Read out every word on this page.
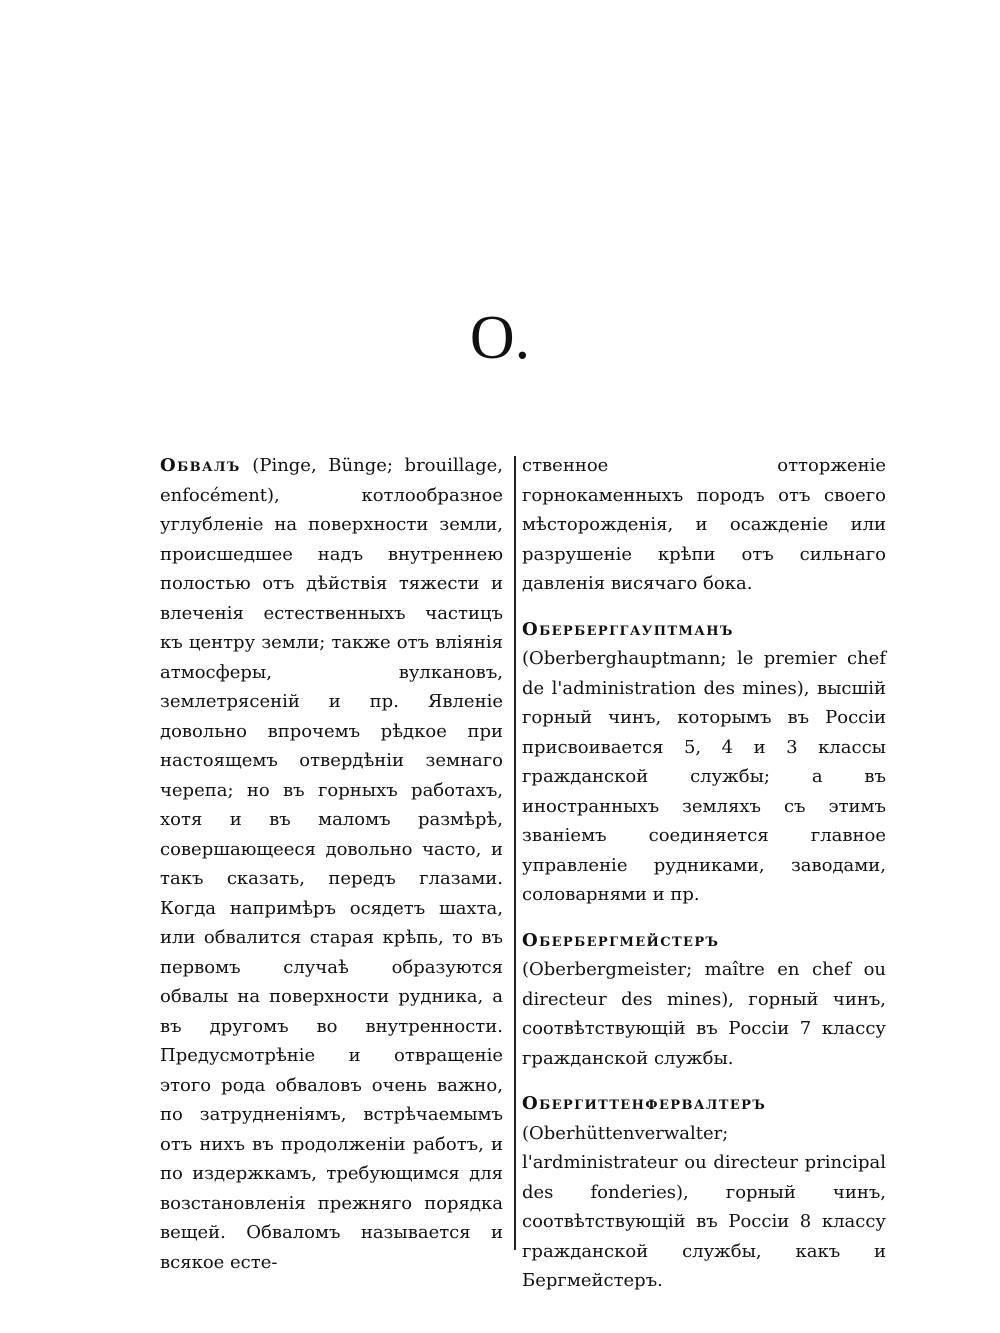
О.

Обвалъ (Pinge, Bünge; brouillage, enfocément), котлообразное углубленіе на поверхности земли, происшедшее надъ внутреннею полостью отъ дѣйствія тяжести и влеченія естественныхъ частицъ къ центру земли; также отъ вліянія атмосферы, вулкановъ, землетрясеній и пр. Явленіе довольно впрочемъ рѣдкое при настоящемъ отвердѣніи земнаго черепа; но въ горныхъ работахъ, хотя и въ маломъ размѣрѣ, совершающееся довольно часто, и такъ сказать, передъ глазами. Когда напримѣръ осядетъ шахта, или обвалится старая крѣпь, то въ первомъ случаѣ образуются обвалы на поверхности рудника, а въ другомъ во внутренности. Предусмотрѣніе и отвращеніе этого рода обваловъ очень важно, по затрудненіямъ, встрѣчаемымъ отъ нихъ въ продолженіи работъ, и по издержкамъ, требующимся для возстановленія прежняго порядка вещей. Обваломъ называется и всякое есте-

ственное отторженіе горнокаменныхъ породъ отъ своего мѣсторожденія, и осажденіе или разрушеніе крѣпи отъ сильнаго давленія висячаго бока.

Оберберггауптманъ (Oberberghauptmann; le premier chef de l'administration des mines), высшій горный чинъ, которымъ въ Россіи присвоивается 5, 4 и 3 классы гражданской службы; а въ иностранныхъ земляхъ съ этимъ званіемъ соединяется главное управленіе рудниками, заводами, соловарнями и пр.

Обербергмейстеръ (Oberbergmeister; maître en chef ou directeur des mines), горный чинъ, соотвѣтствующій въ Россіи 7 классу гражданской службы.

Обергиттенфервалтеръ (Oberhüttenverwalter; l'ardministrateur ou directeur principal des fonderies), горный чинъ, соотвѣтствующій въ Россіи 8 классу гражданской службы, какъ и Бергмейстеръ.
